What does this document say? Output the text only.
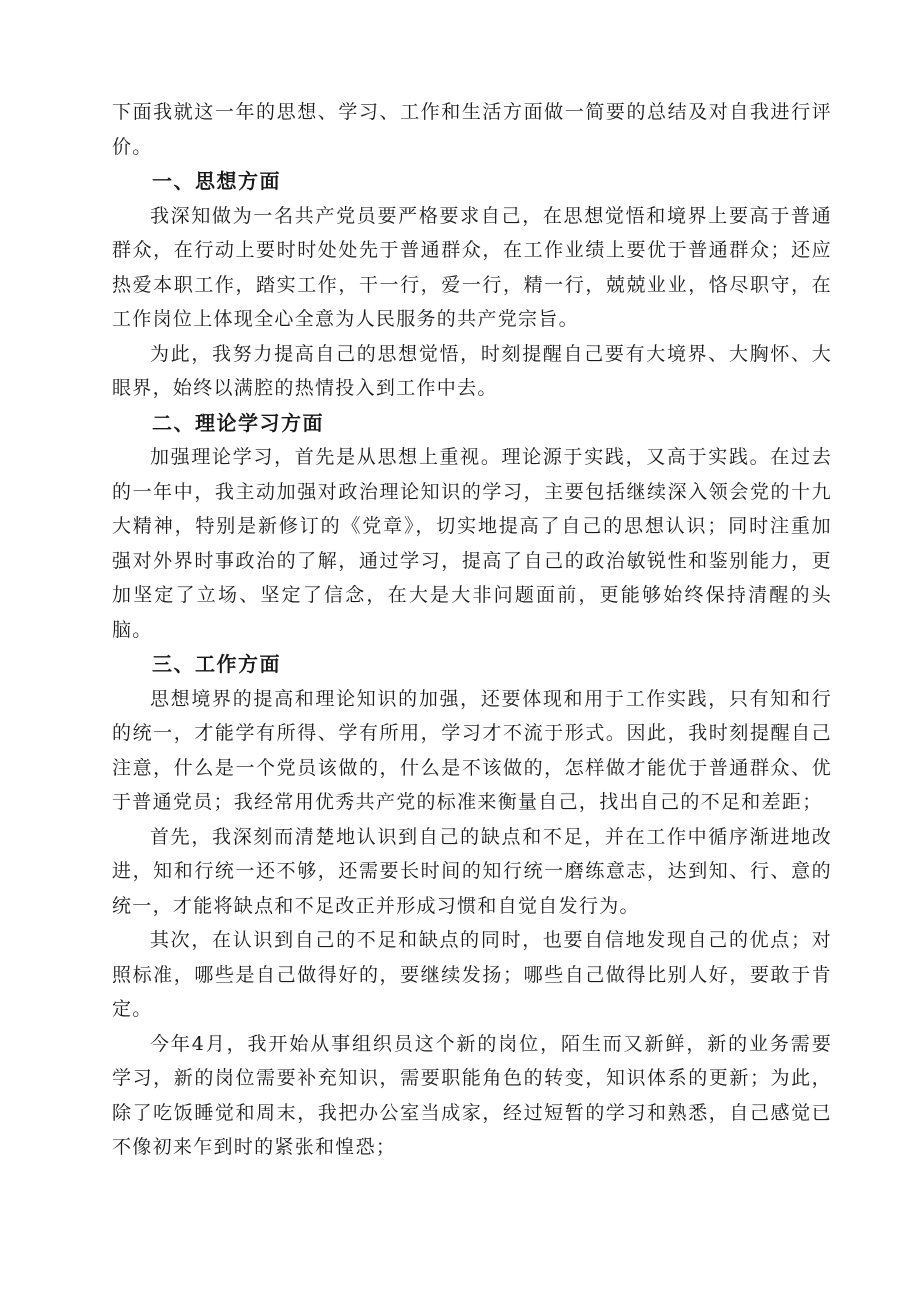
下面我就这一年的思想、学习、工作和生活方面做一简要的总结及对自我进行评价。

一、思想方面

我深知做为一名共产党员要严格要求自己，在思想觉悟和境界上要高于普通群众，在行动上要时时处处先于普通群众，在工作业绩上要优于普通群众；还应热爱本职工作，踏实工作，干一行，爱一行，精一行，兢兢业业，恪尽职守，在工作岗位上体现全心全意为人民服务的共产党宗旨。

为此，我努力提高自己的思想觉悟，时刻提醒自己要有大境界、大胸怀、大眼界，始终以满腔的热情投入到工作中去。

二、理论学习方面

加强理论学习，首先是从思想上重视。理论源于实践，又高于实践。在过去的一年中，我主动加强对政治理论知识的学习，主要包括继续深入领会党的十九大精神，特别是新修订的《党章》，切实地提高了自己的思想认识；同时注重加强对外界时事政治的了解，通过学习，提高了自己的政治敏锐性和鉴别能力，更加坚定了立场、坚定了信念，在大是大非问题面前，更能够始终保持清醒的头脑。

三、工作方面

思想境界的提高和理论知识的加强，还要体现和用于工作实践，只有知和行的统一，才能学有所得、学有所用，学习才不流于形式。因此，我时刻提醒自己注意，什么是一个党员该做的，什么是不该做的，怎样做才能优于普通群众、优于普通党员；我经常用优秀共产党的标准来衡量自己，找出自己的不足和差距；

首先，我深刻而清楚地认识到自己的缺点和不足，并在工作中循序渐进地改进，知和行统一还不够，还需要长时间的知行统一磨练意志，达到知、行、意的统一，才能将缺点和不足改正并形成习惯和自觉自发行为。

其次，在认识到自己的不足和缺点的同时，也要自信地发现自己的优点；对照标准，哪些是自己做得好的，要继续发扬；哪些自己做得比别人好，要敢于肯定。

今年4月，我开始从事组织员这个新的岗位，陌生而又新鲜，新的业务需要学习，新的岗位需要补充知识，需要职能角色的转变，知识体系的更新；为此，除了吃饭睡觉和周末，我把办公室当成家，经过短暂的学习和熟悉，自己感觉已不像初来乍到时的紧张和惶恐；
